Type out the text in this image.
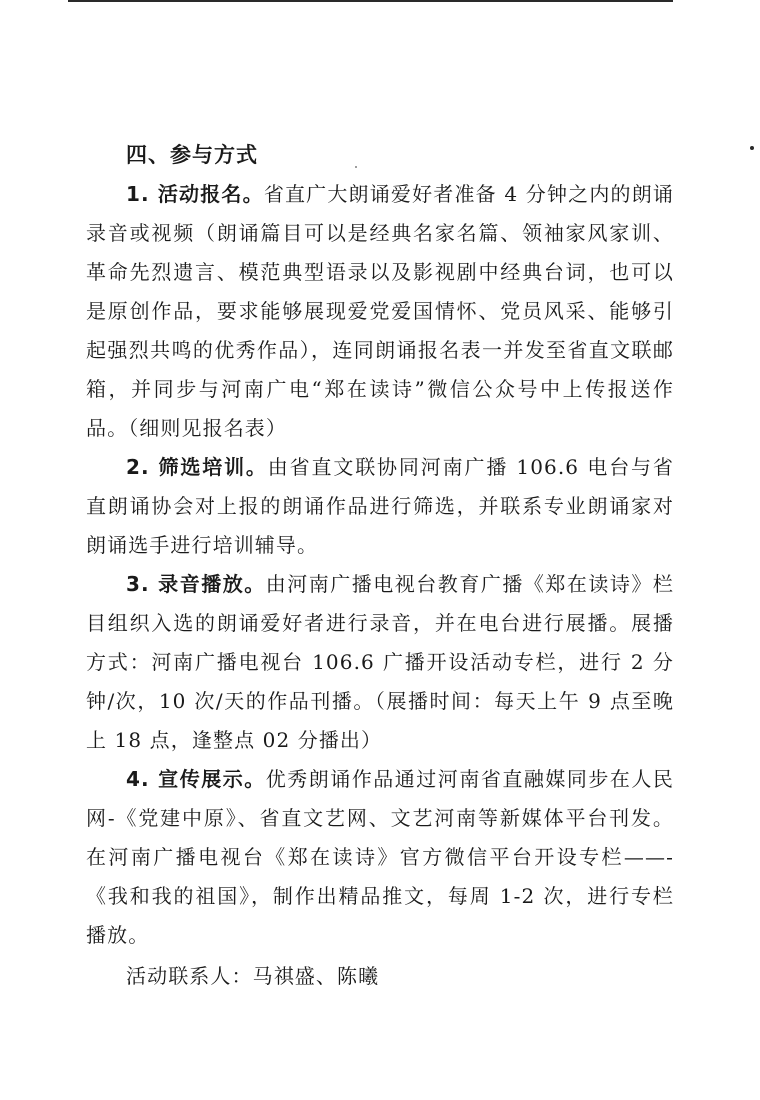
四、参与方式

1. 活动报名。省直广大朗诵爱好者准备 4 分钟之内的朗诵录音或视频（朗诵篇目可以是经典名家名篇、领袖家风家训、革命先烈遗言、模范典型语录以及影视剧中经典台词，也可以是原创作品，要求能够展现爱党爱国情怀、党员风采、能够引起强烈共鸣的优秀作品），连同朗诵报名表一并发至省直文联邮箱，并同步与河南广电“郑在读诗”微信公众号中上传报送作品。（细则见报名表）

2. 筛选培训。由省直文联协同河南广播 106.6 电台与省直朗诵协会对上报的朗诵作品进行筛选，并联系专业朗诵家对朗诵选手进行培训辅导。

3. 录音播放。由河南广播电视台教育广播《郑在读诗》栏目组织入选的朗诵爱好者进行录音，并在电台进行展播。展播方式：河南广播电视台 106.6 广播开设活动专栏，进行 2 分钟/次，10 次/天的作品刊播。（展播时间：每天上午 9 点至晚上 18 点，逢整点 02 分播出）

4. 宣传展示。优秀朗诵作品通过河南省直融媒同步在人民网-《党建中原》、省直文艺网、文艺河南等新媒体平台刊发。在河南广播电视台《郑在读诗》官方微信平台开设专栏——-《我和我的祖国》，制作出精品推文，每周 1-2 次，进行专栏播放。

活动联系人：马祺盛、陈曦
